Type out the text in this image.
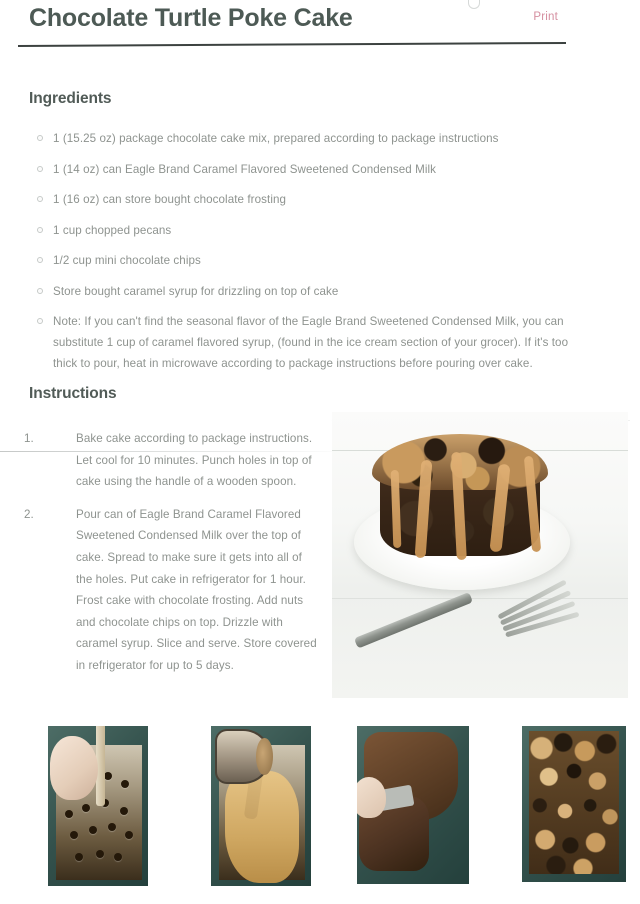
Chocolate Turtle Poke Cake	Print
Ingredients
1 (15.25 oz) package chocolate cake mix, prepared according to package instructions
1 (14 oz) can Eagle Brand Caramel Flavored Sweetened Condensed Milk
1 (16 oz) can store bought chocolate frosting
1 cup chopped pecans
1/2 cup mini chocolate chips
Store bought caramel syrup for drizzling on top of cake
Note: If you can't find the seasonal flavor of the Eagle Brand Sweetened Condensed Milk, you can substitute 1 cup of caramel flavored syrup, (found in the ice cream section of your grocer). If it's too thick to pour, heat in microwave according to package instructions before pouring over cake.
Instructions
1.	Bake cake according to package instructions. Let cool for 10 minutes. Punch holes in top of cake using the handle of a wooden spoon.
2.	Pour can of Eagle Brand Caramel Flavored Sweetened Condensed Milk over the top of cake. Spread to make sure it gets into all of the holes. Put cake in refrigerator for 1 hour. Frost cake with chocolate frosting. Add nuts and chocolate chips on top. Drizzle with caramel syrup. Slice and serve. Store covered in refrigerator for up to 5 days.
